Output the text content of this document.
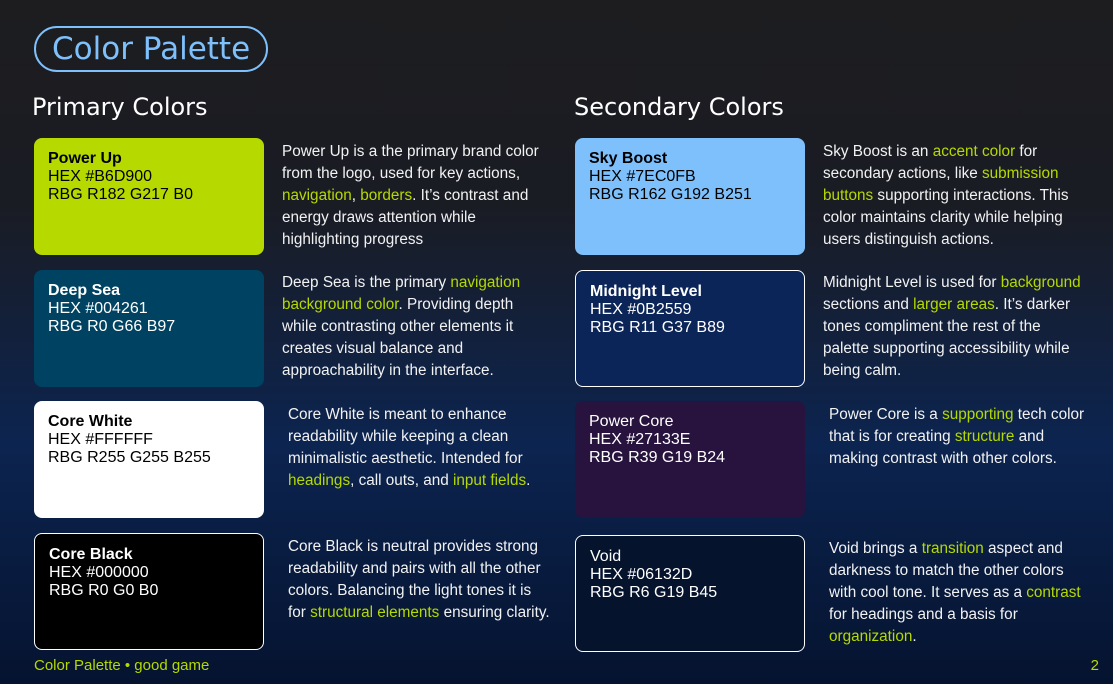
Color Palette
Primary Colors	Secondary Colors
Power Up
HEX #B6D900
RBG R182 G217 B0
Deep Sea
HEX #004261
RBG R0 G66 B97
Core White
HEX #FFFFFF
RBG R255 G255 B255
Core Black
HEX #000000
RBG R0 G0 B0
Sky Boost
HEX #7EC0FB
RBG R162 G192 B251
Midnight Level
HEX #0B2559
RBG R11 G37 B89
Power Core
HEX #27133E
RBG R39 G19 B24
Void
HEX #06132D
RBG R6 G19 B45
Power Up is a the primary brand color from the logo, used for key actions, navigation, borders. It’s contrast and energy draws attention while highlighting progress
Deep Sea is the primary navigation background color. Providing depth while contrasting other elements it creates visual balance and approachability in the interface.
Core White is meant to enhance readability while keeping a clean minimalistic aesthetic. Intended for headings, call outs, and input fields.
Core Black is neutral provides strong readability and pairs with all the other colors. Balancing the light tones it is for structural elements ensuring clarity.
Sky Boost is an accent color for secondary actions, like submission buttons supporting interactions. This color maintains clarity while helping users distinguish actions.
Midnight Level is used for background sections and larger areas. It’s darker tones compliment the rest of the palette supporting accessibility while being calm.
Power Core is a supporting tech color that is for creating structure and making contrast with other colors.
Void brings a transition aspect and darkness to match the other colors with cool tone. It serves as a contrast for headings and a basis for organization.
Color Palette • good game	2
